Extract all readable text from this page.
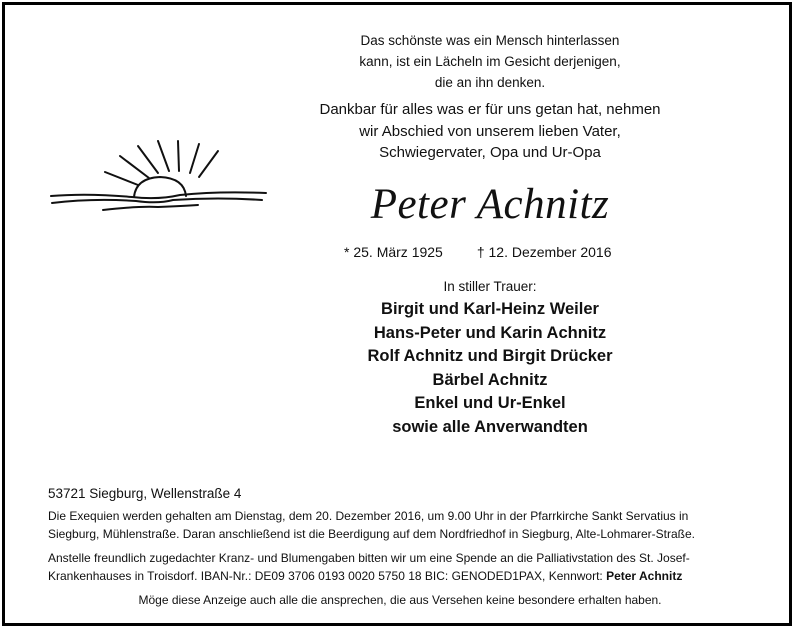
Das schönste was ein Mensch hinterlassen
kann, ist ein Lächeln im Gesicht derjenigen,
die an ihn denken.
Dankbar für alles was er für uns getan hat, nehmen
wir Abschied von unserem lieben Vater,
Schwiegervater, Opa und Ur-Opa
Peter Achnitz
* 25. März 1925 † 12. Dezember 2016
In stiller Trauer:
Birgit und Karl-Heinz Weiler
Hans-Peter und Karin Achnitz
Rolf Achnitz und Birgit Drücker
Bärbel Achnitz
Enkel und Ur-Enkel
sowie alle Anverwandten
53721 Siegburg, Wellenstraße 4
Die Exequien werden gehalten am Dienstag, dem 20. Dezember 2016, um 9.00 Uhr in der Pfarrkirche Sankt Servatius in
Siegburg, Mühlenstraße. Daran anschließend ist die Beerdigung auf dem Nordfriedhof in Siegburg, Alte-Lohmarer-Straße.
Anstelle freundlich zugedachter Kranz- und Blumengaben bitten wir um eine Spende an die Palliativstation des St. Josef-
Krankenhauses in Troisdorf. IBAN-Nr.: DE09 3706 0193 0020 5750 18 BIC: GENODED1PAX, Kennwort: Peter Achnitz
Möge diese Anzeige auch alle die ansprechen, die aus Versehen keine besondere erhalten haben.
